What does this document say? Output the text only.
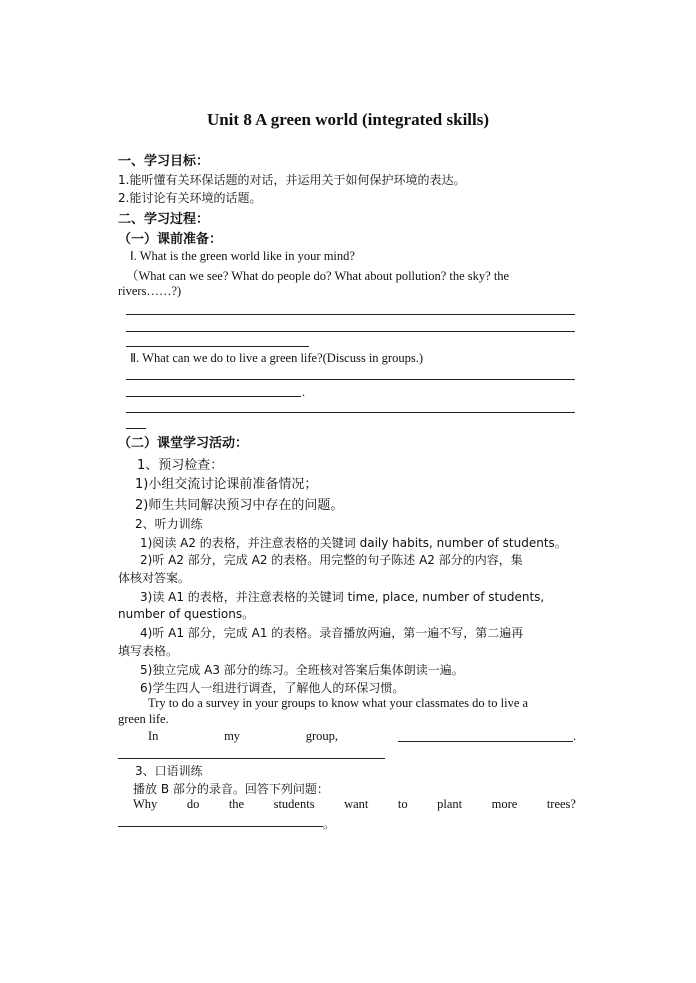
Unit 8 A green world (integrated skills)
一、学习目标：
1.能听懂有关环保话题的对话，并运用关于如何保护环境的表达。
2.能讨论有关环境的话题。
二、学习过程：
（一）课前准备：
Ⅰ. What is the green world like in your mind?
（What can we see? What do people do? What about pollution? the sky? the
rivers……?)
Ⅱ. What can we do to live a green life?(Discuss in groups.)
.
（二）课堂学习活动：
1、预习检查：
1)小组交流讨论课前准备情况；
2)师生共同解决预习中存在的问题。
2、听力训练
1)阅读 A2 的表格，并注意表格的关键词 daily habits, number of students。
2)听 A2 部分，完成 A2 的表格。用完整的句子陈述 A2 部分的内容，集
体核对答案。
3)读 A1 的表格，并注意表格的关键词 time, place, number of students,
number of questions。
4)听 A1 部分，完成 A1 的表格。录音播放两遍，第一遍不写，第二遍再
填写表格。
5)独立完成 A3 部分的练习。全班核对答案后集体朗读一遍。
6)学生四人一组进行调查，了解他人的环保习惯。
Try to do a survey in your groups to know what your classmates do to live a
green life.
In	my	group,	.
3、口语训练
播放 B 部分的录音。回答下列问题：
Why do the students want to plant more trees?
。
